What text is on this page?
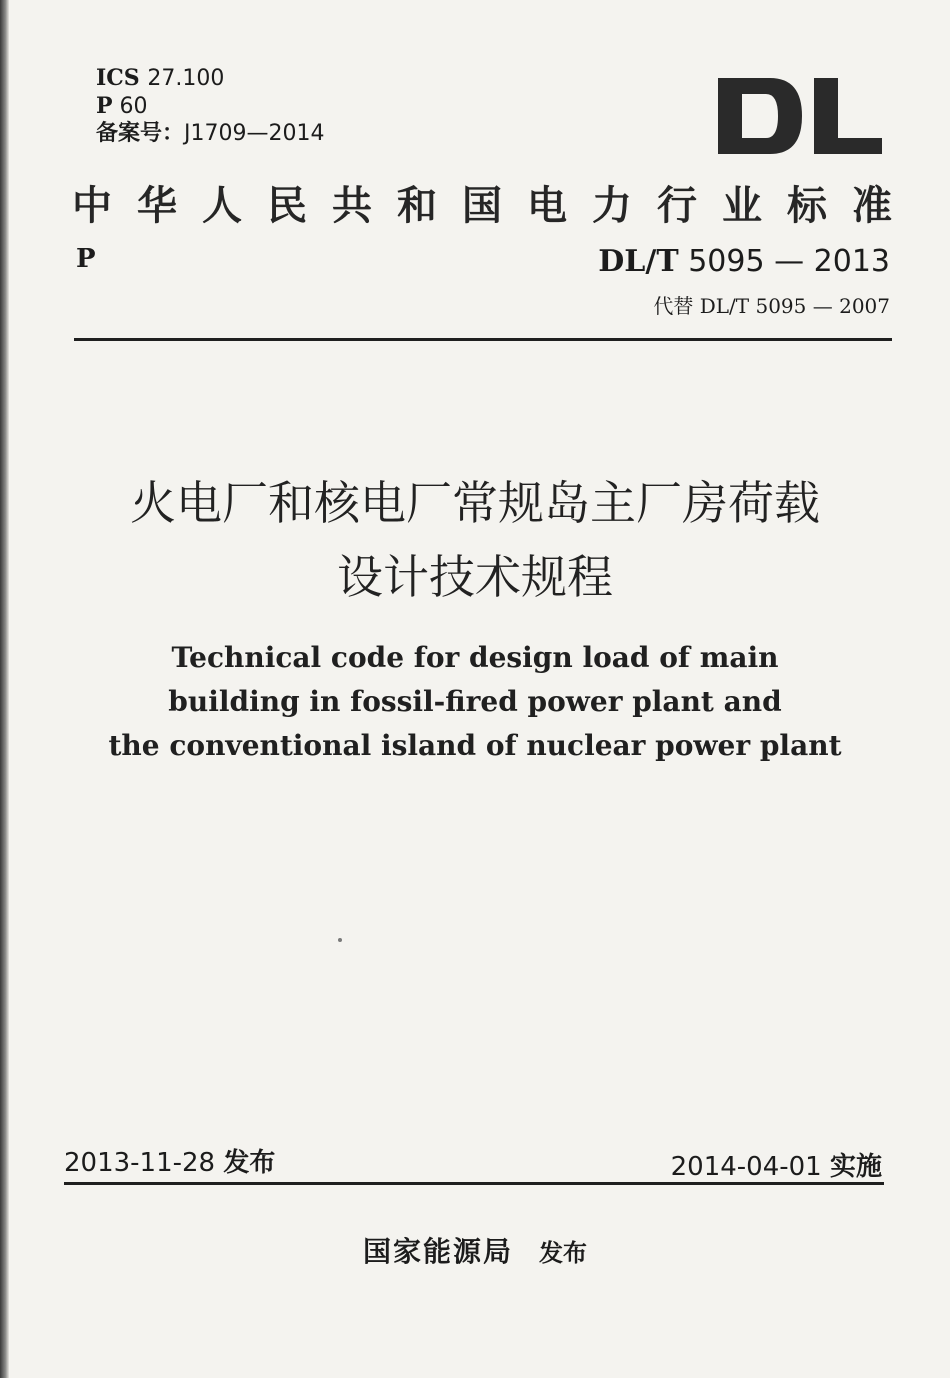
ICS 27.100
P 60
备案号：J1709—2014
DL
中 华 人 民 共 和 国 电 力 行 业 标 准
P	DL/T 5095 — 2013
代替 DL/T 5095 — 2007
火电厂和核电厂常规岛主厂房荷载
设计技术规程
Technical code for design load of main
building in fossil-fired power plant and
the conventional island of nuclear power plant
2013-11-28 发布	2014-04-01 实施
国家能源局 发布
